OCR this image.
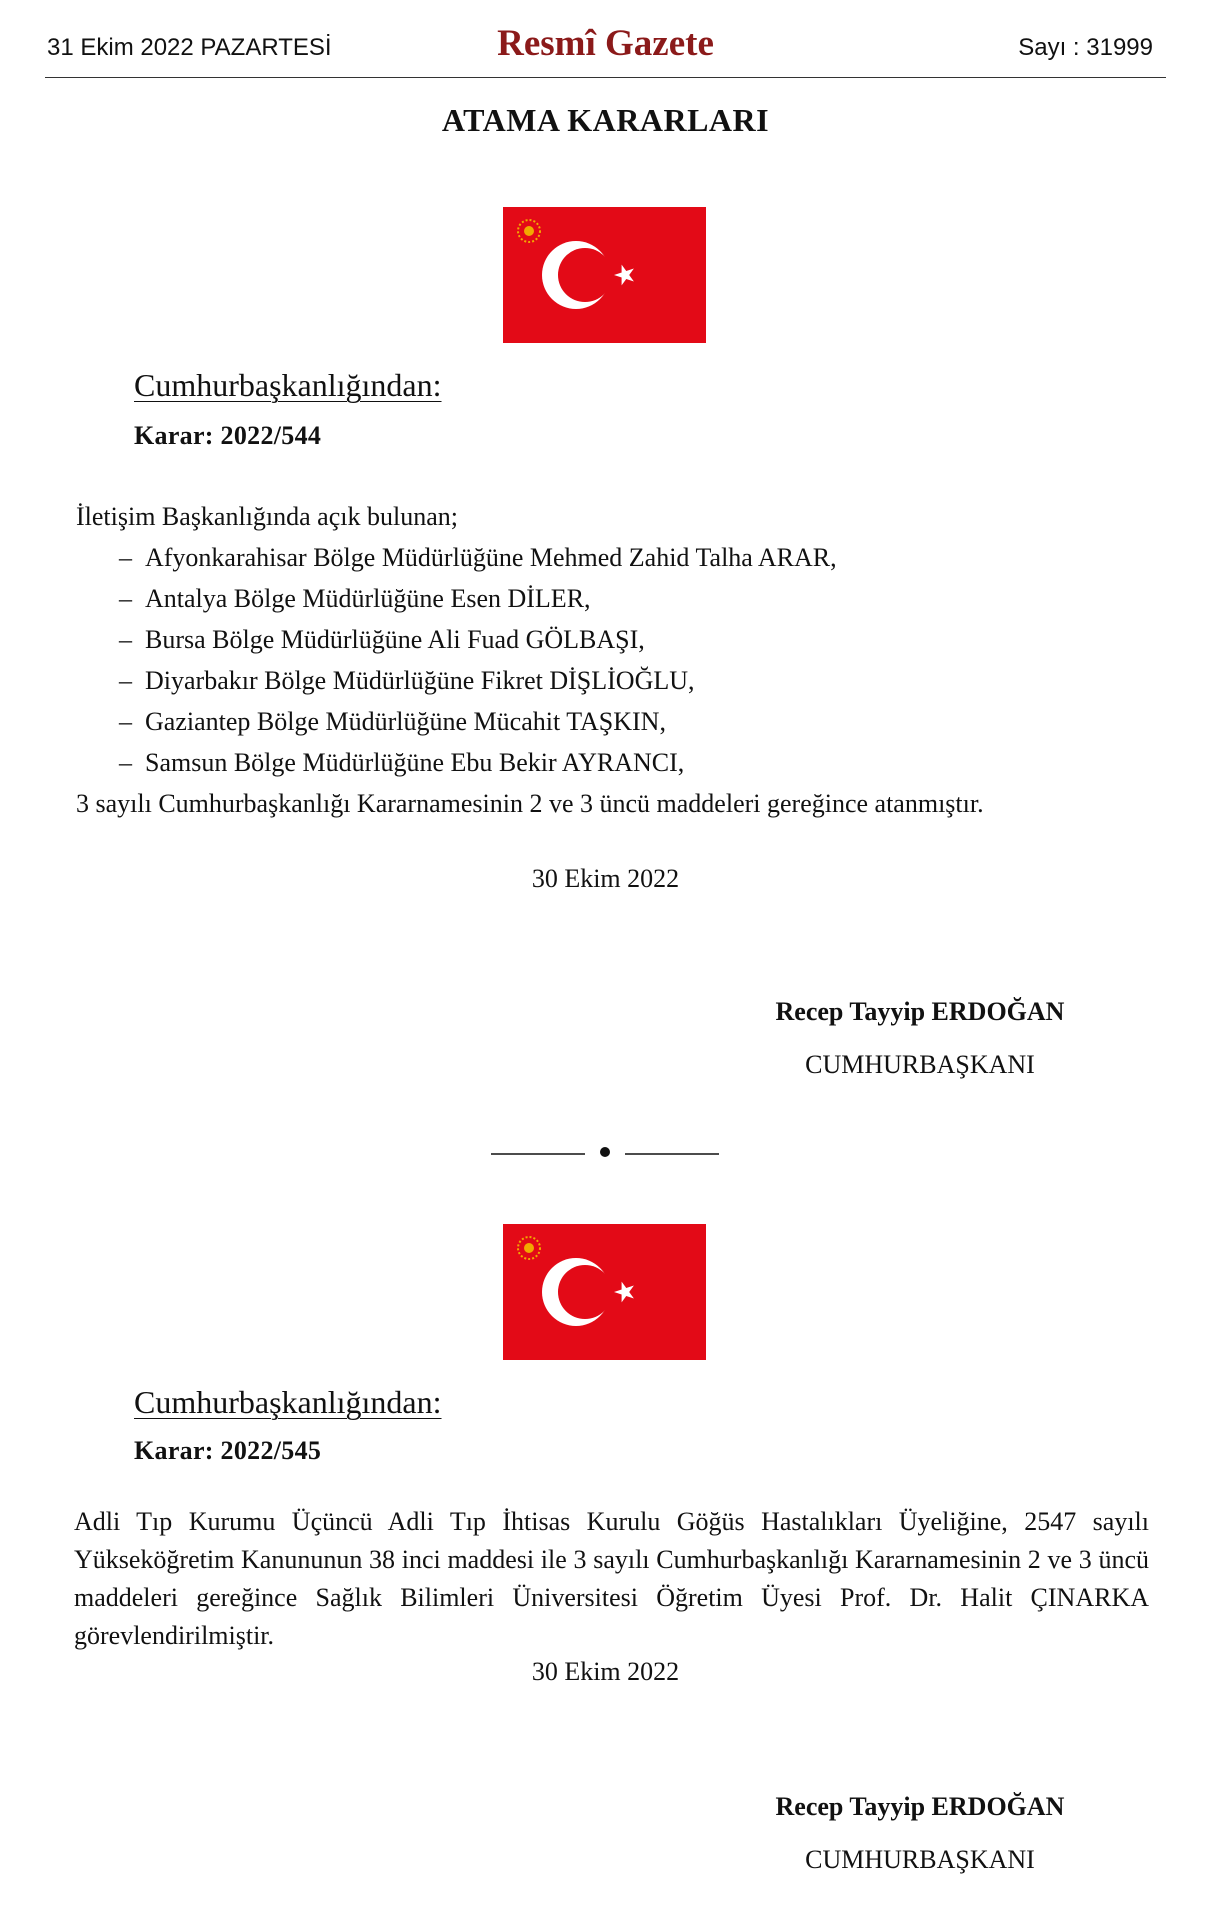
31 Ekim 2022 PAZARTESİ	Resmî Gazete	Sayı : 31999
ATAMA KARARLARI
Cumhurbaşkanlığından:
Karar: 2022/544
İletişim Başkanlığında açık bulunan;
– Afyonkarahisar Bölge Müdürlüğüne Mehmed Zahid Talha ARAR,
– Antalya Bölge Müdürlüğüne Esen DİLER,
– Bursa Bölge Müdürlüğüne Ali Fuad GÖLBAŞI,
– Diyarbakır Bölge Müdürlüğüne Fikret DİŞLİOĞLU,
– Gaziantep Bölge Müdürlüğüne Mücahit TAŞKIN,
– Samsun Bölge Müdürlüğüne Ebu Bekir AYRANCI,
3 sayılı Cumhurbaşkanlığı Kararnamesinin 2 ve 3 üncü maddeleri gereğince atanmıştır.
30 Ekim 2022
Recep Tayyip ERDOĞAN
CUMHURBAŞKANI
Cumhurbaşkanlığından:
Karar: 2022/545
Adli Tıp Kurumu Üçüncü Adli Tıp İhtisas Kurulu Göğüs Hastalıkları Üyeliğine, 2547 sayılı Yükseköğretim Kanununun 38 inci maddesi ile 3 sayılı Cumhurbaşkanlığı Kararnamesinin 2 ve 3 üncü maddeleri gereğince Sağlık Bilimleri Üniversitesi Öğretim Üyesi Prof. Dr. Halit ÇINARKA görevlendirilmiştir.
30 Ekim 2022
Recep Tayyip ERDOĞAN
CUMHURBAŞKANI
